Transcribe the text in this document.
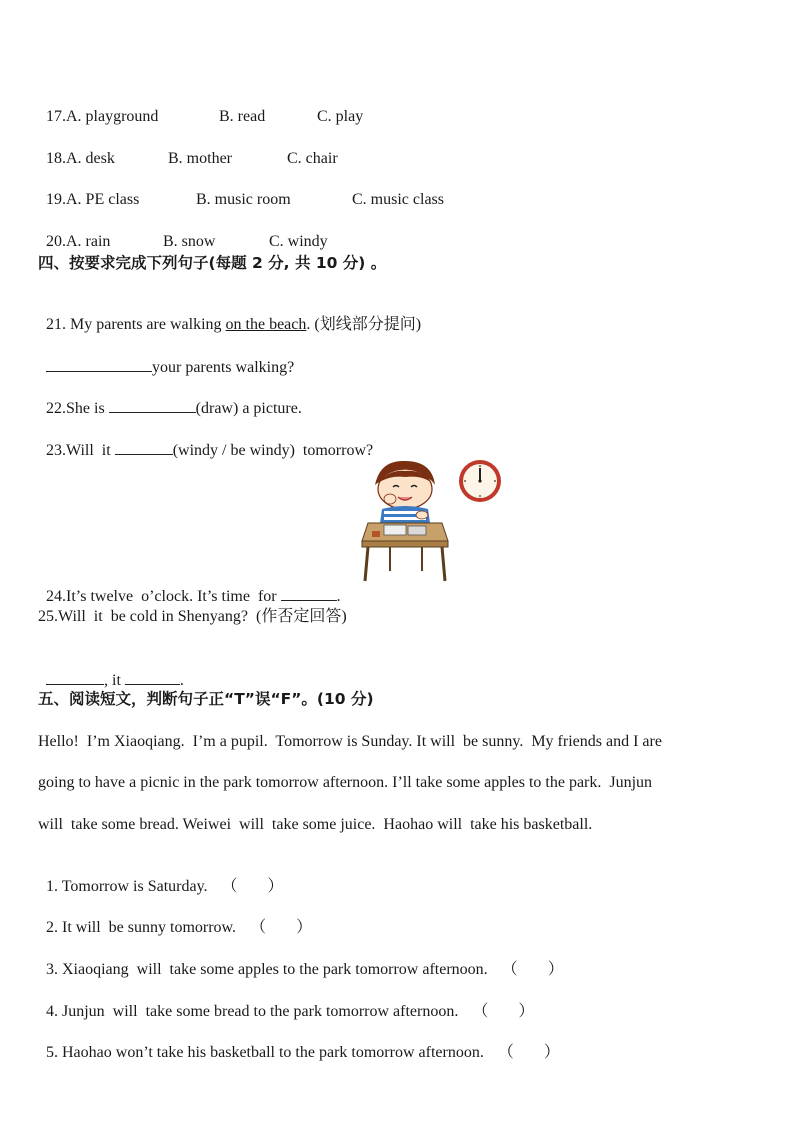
17.A. playground	B. read	C. play

18.A. desk	B. mother	C. chair

19.A. PE class	B. music room	C. music class

20.A. rain	B. snow	C. windy

四、按要求完成下列句子(每题 2 分, 共 10 分) 。

21. My parents are walking on the beach. (划线部分提问)

your parents walking?

22.She is	(draw) a picture.

23.Will  it	(windy / be windy)  tomorrow?

24.It’s twelve  o’clock. It’s time  for	.

25.Will  it  be cold in Shenyang?  (作否定回答)

, it	.

五、阅读短文，判断句子正“T”误“F”。(10 分)
Hello!  I’m Xiaoqiang.  I’m a pupil.  Tomorrow is Sunday. It will  be sunny.  My friends and I are
going to have a picnic in the park tomorrow afternoon. I’ll take some apples to the park.  Junjun
will  take some bread. Weiwei  will  take some juice.  Haohao will  take his basketball.

1. Tomorrow is Saturday. （ ）

2. It will  be sunny tomorrow. （ ）

3. Xiaoqiang  will  take some apples to the park tomorrow afternoon. （ ）

4. Junjun  will  take some bread to the park tomorrow afternoon. （ ）

5. Haohao won’t take his basketball to the park tomorrow afternoon. （ ）
